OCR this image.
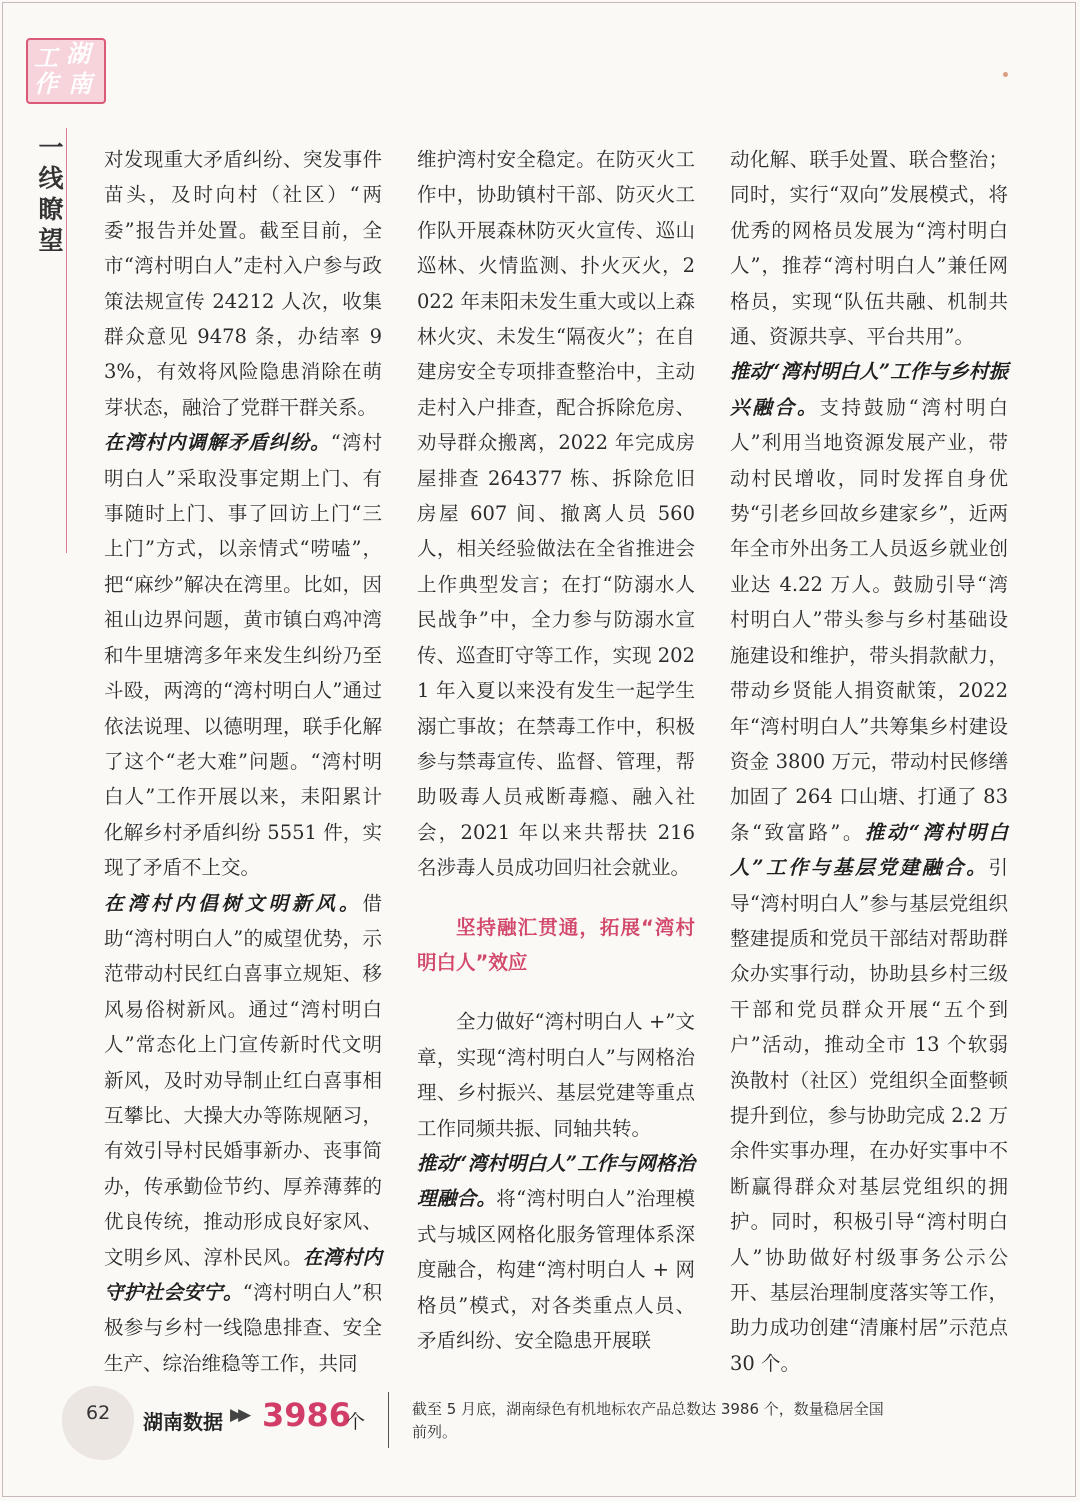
工 湖
作 南
一线瞭望

对发现重大矛盾纠纷、突发事件苗头，及时向村（社区）“两委”报告并处置。截至目前，全市“湾村明白人”走村入户参与政策法规宣传 24212 人次，收集群众意见 9478 条，办结率 93%，有效将风险隐患消除在萌芽状态，融洽了党群干群关系。

在湾村内调解矛盾纠纷。“湾村明白人”采取没事定期上门、有事随时上门、事了回访上门“三上门”方式，以亲情式“唠嗑”，把“麻纱”解决在湾里。比如，因祖山边界问题，黄市镇白鸡冲湾和牛里塘湾多年来发生纠纷乃至斗殴，两湾的“湾村明白人”通过依法说理、以德明理，联手化解了这个“老大难”问题。“湾村明白人”工作开展以来，耒阳累计化解乡村矛盾纠纷 5551 件，实现了矛盾不上交。

在湾村内倡树文明新风。借助“湾村明白人”的威望优势，示范带动村民红白喜事立规矩、移风易俗树新风。通过“湾村明白人”常态化上门宣传新时代文明新风，及时劝导制止红白喜事相互攀比、大操大办等陈规陋习，有效引导村民婚事新办、丧事简办，传承勤俭节约、厚养薄葬的优良传统，推动形成良好家风、文明乡风、淳朴民风。在湾村内守护社会安宁。“湾村明白人”积极参与乡村一线隐患排查、安全生产、综治维稳等工作，共同

维护湾村安全稳定。在防灭火工作中，协助镇村干部、防灭火工作队开展森林防灭火宣传、巡山巡林、火情监测、扑火灭火，2022 年耒阳未发生重大或以上森林火灾、未发生“隔夜火”；在自建房安全专项排查整治中，主动走村入户排查，配合拆除危房、劝导群众搬离，2022 年完成房屋排查 264377 栋、拆除危旧房屋 607 间、撤离人员 560 人，相关经验做法在全省推进会上作典型发言；在打“防溺水人民战争”中，全力参与防溺水宣传、巡查盯守等工作，实现 2021 年入夏以来没有发生一起学生溺亡事故；在禁毒工作中，积极参与禁毒宣传、监督、管理，帮助吸毒人员戒断毒瘾、融入社会，2021 年以来共帮扶 216 名涉毒人员成功回归社会就业。

坚持融汇贯通，拓展“湾村明白人”效应

全力做好“湾村明白人 +”文章，实现“湾村明白人”与网格治理、乡村振兴、基层党建等重点工作同频共振、同轴共转。

推动“湾村明白人”工作与网格治理融合。将“湾村明白人”治理模式与城区网格化服务管理体系深度融合，构建“湾村明白人 + 网格员”模式，对各类重点人员、矛盾纠纷、安全隐患开展联

动化解、联手处置、联合整治；同时，实行“双向”发展模式，将优秀的网格员发展为“湾村明白人”，推荐“湾村明白人”兼任网格员，实现“队伍共融、机制共通、资源共享、平台共用”。

推动“湾村明白人”工作与乡村振兴融合。支持鼓励“湾村明白人”利用当地资源发展产业，带动村民增收，同时发挥自身优势“引老乡回故乡建家乡”，近两年全市外出务工人员返乡就业创业达 4.22 万人。鼓励引导“湾村明白人”带头参与乡村基础设施建设和维护，带头捐款献力，带动乡贤能人捐资献策，2022 年“湾村明白人”共筹集乡村建设资金 3800 万元，带动村民修缮加固了 264 口山塘、打通了 83 条“致富路”。推动“湾村明白人”工作与基层党建融合。引导“湾村明白人”参与基层党组织整建提质和党员干部结对帮助群众办实事行动，协助县乡村三级干部和党员群众开展“五个到户”活动，推动全市 13 个软弱涣散村（社区）党组织全面整顿提升到位，参与协助完成 2.2 万余件实事办理，在办好实事中不断赢得群众对基层党组织的拥护。同时，积极引导“湾村明白人”协助做好村级事务公示公开、基层治理制度落实等工作，助力成功创建“清廉村居”示范点 30 个。

62 湖南数据 ▶▶ 3986
个
截至 5 月底，湖南绿色有机地标农产品总数达 3986 个，数量稳居全国前列。
